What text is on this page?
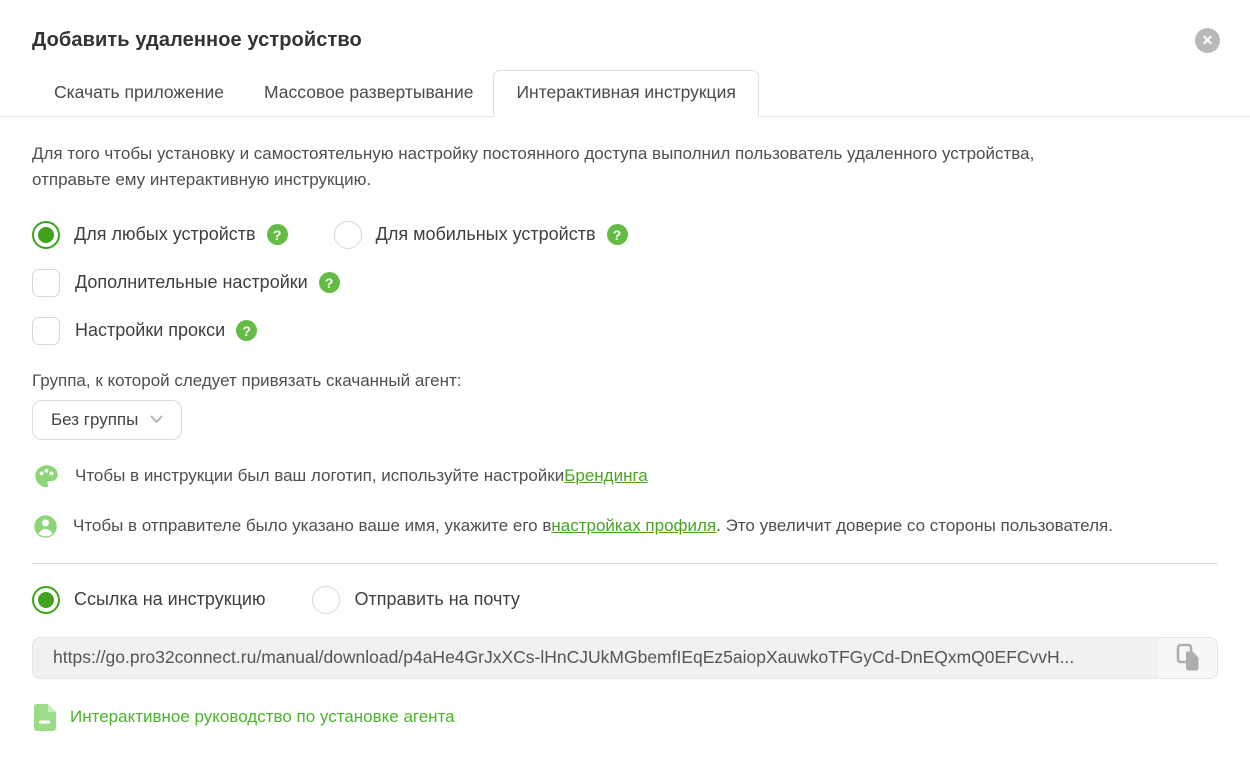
Добавить удаленное устройство	✕
Скачать приложение	Массовое развертывание	Интерактивная инструкция
Для того чтобы установку и самостоятельную настройку постоянного доступа выполнил пользователь удаленного устройства,
отправьте ему интерактивную инструкцию.
Для любых устройств	?	Для мобильных устройств	?
Дополнительные настройки	?
Настройки прокси	?
Группа, к которой следует привязать скачанный агент:
Без группы
Чтобы в инструкции был ваш логотип, используйте настройки Брендинга
Чтобы в отправителе было указано ваше имя, укажите его в настройках профиля . Это увеличит доверие со стороны пользователя.
Ссылка на инструкцию	Отправить на почту
https://go.pro32connect.ru/manual/download/p4aHe4GrJxXCs-lHnCJUkMGbemfIEqEz5aiopXauwkoTFGyCd-DnEQxmQ0EFCvvH...
Интерактивное руководство по установке агента
